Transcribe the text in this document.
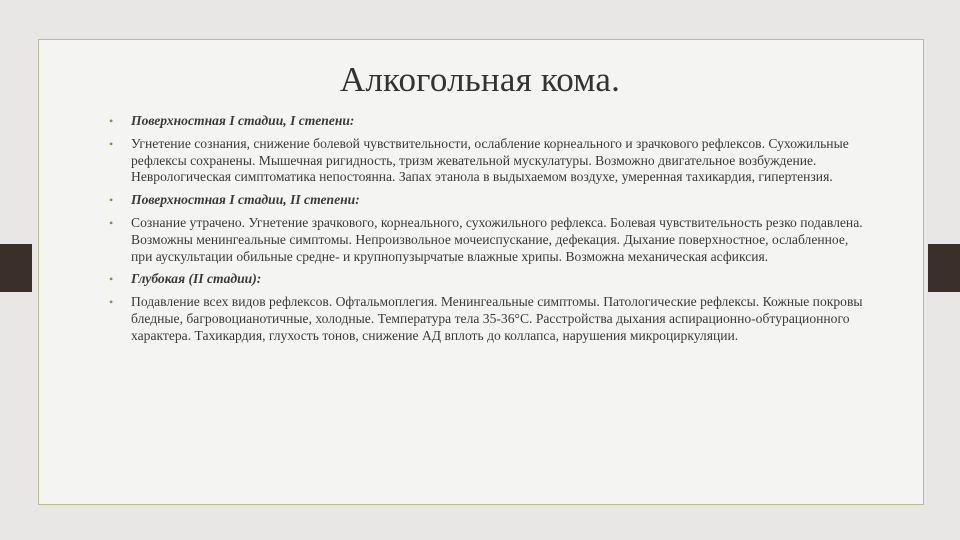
Алкогольная кома.
• Поверхностная I стадии, I степени:
• Угнетение сознания, снижение болевой чувствительности, ослабление корнеального и зрачкового рефлексов. Сухожильные рефлексы сохранены. Мышечная ригидность, тризм жевательной мускулатуры. Возможно двигательное возбуждение. Неврологическая симптоматика непостоянна. Запах этанола в выдыхаемом воздухе, умеренная тахикардия, гипертензия.
• Поверхностная I стадии, II степени:
• Сознание утрачено. Угнетение зрачкового, корнеального, сухожильного рефлекса. Болевая чувствительность резко подавлена. Возможны менингеальные симптомы. Непроизвольное мочеиспускание, дефекация. Дыхание поверхностное, ослабленное, при аускультации обильные средне- и крупнопузырчатые влажные хрипы. Возможна механическая асфиксия.
• Глубокая (II стадии):
• Подавление всех видов рефлексов. Офтальмоплегия. Менингеальные симптомы. Патологические рефлексы. Кожные покровы бледные, багровоцианотичные, холодные. Температура тела 35-36°С. Расстройства дыхания аспирационно-обтурационного характера. Тахикардия, глухость тонов, снижение АД вплоть до коллапса, нарушения микроциркуляции.
